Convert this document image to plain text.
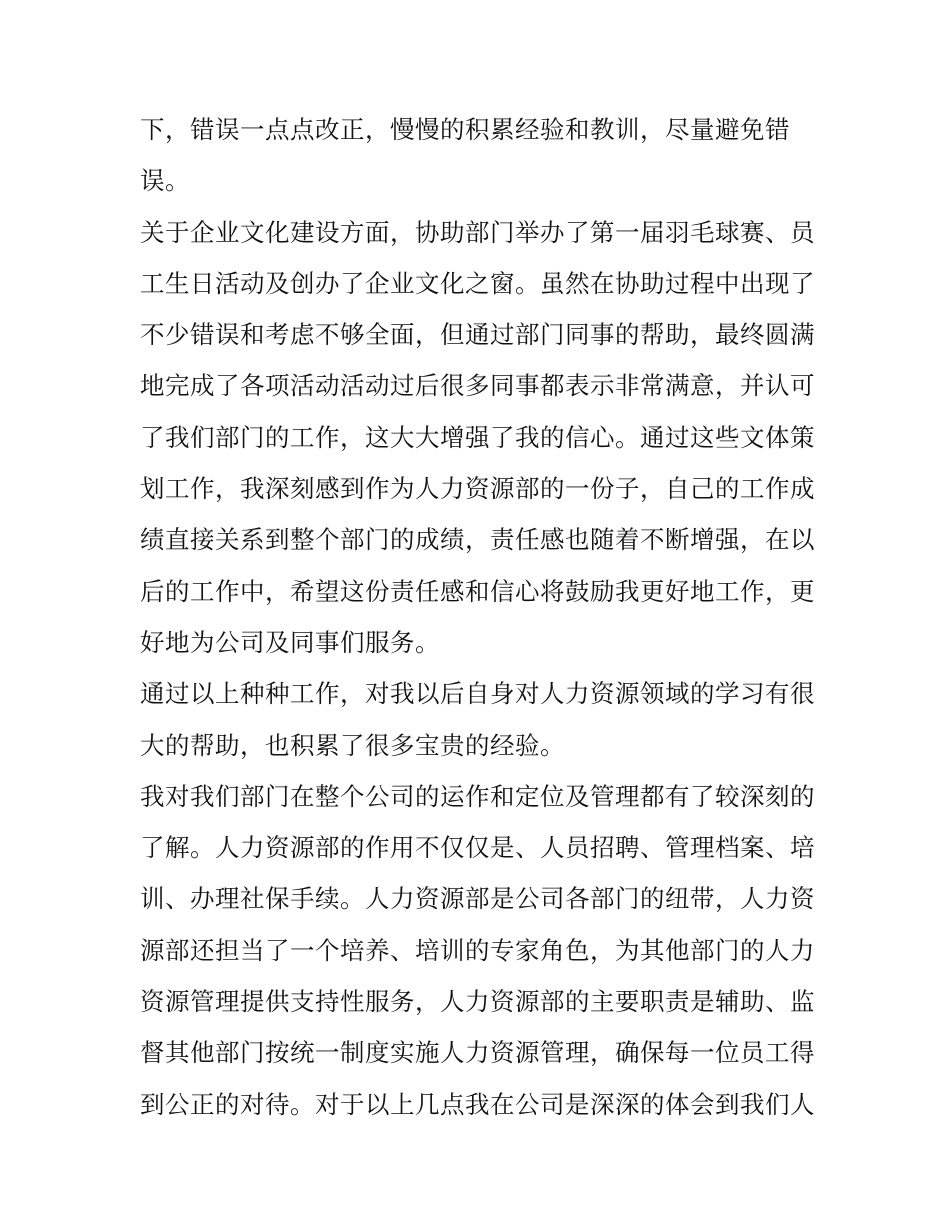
下，错误一点点改正，慢慢的积累经验和教训，尽量避免错
误。
关于企业文化建设方面，协助部门举办了第一届羽毛球赛、员
工生日活动及创办了企业文化之窗。虽然在协助过程中出现了
不少错误和考虑不够全面，但通过部门同事的帮助，最终圆满
地完成了各项活动活动过后很多同事都表示非常满意，并认可
了我们部门的工作，这大大增强了我的信心。通过这些文体策
划工作，我深刻感到作为人力资源部的一份子，自己的工作成
绩直接关系到整个部门的成绩，责任感也随着不断增强，在以
后的工作中，希望这份责任感和信心将鼓励我更好地工作，更
好地为公司及同事们服务。
通过以上种种工作，对我以后自身对人力资源领域的学习有很
大的帮助，也积累了很多宝贵的经验。
我对我们部门在整个公司的运作和定位及管理都有了较深刻的
了解。人力资源部的作用不仅仅是、人员招聘、管理档案、培
训、办理社保手续。人力资源部是公司各部门的纽带，人力资
源部还担当了一个培养、培训的专家角色，为其他部门的人力
资源管理提供支持性服务，人力资源部的主要职责是辅助、监
督其他部门按统一制度实施人力资源管理，确保每一位员工得
到公正的对待。对于以上几点我在公司是深深的体会到我们人
